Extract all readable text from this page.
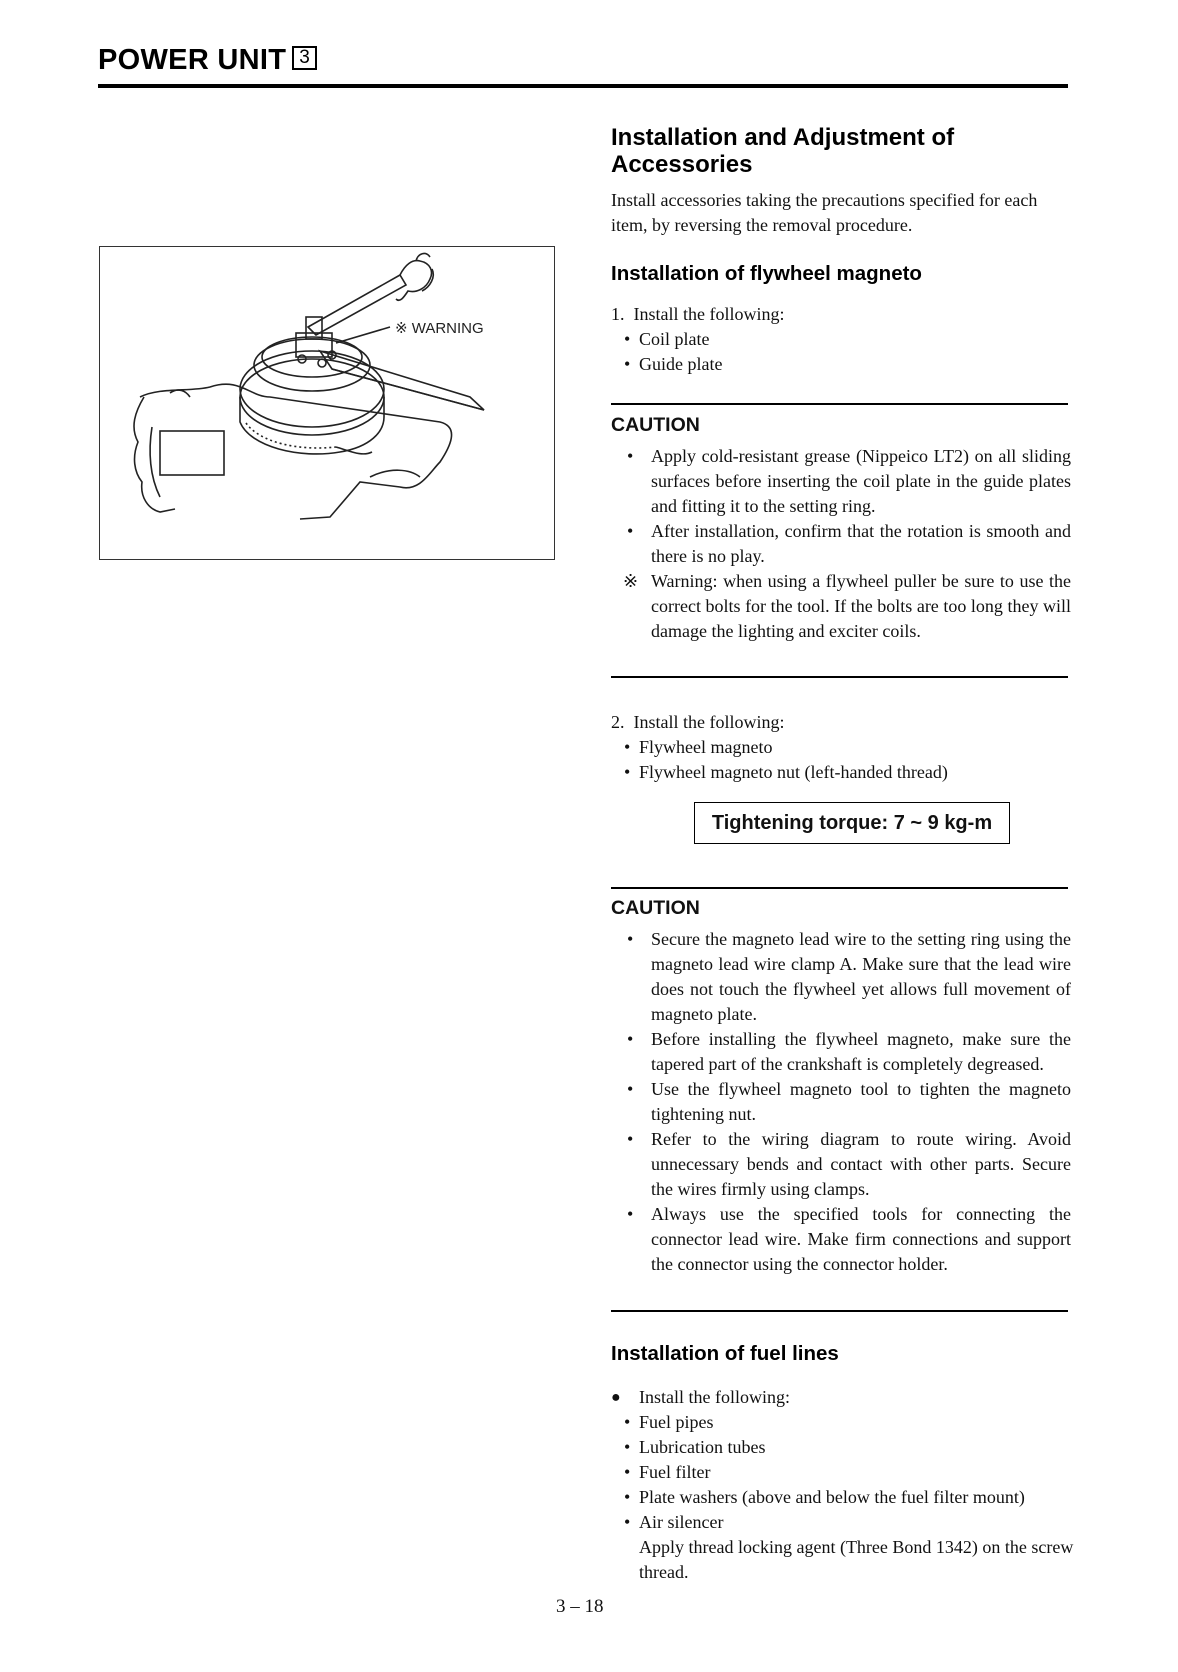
POWER UNIT 3
※ WARNING
Installation and Adjustment of Accessories
Install accessories taking the precautions specified for each item, by reversing the removal procedure.
Installation of flywheel magneto
1. Install the following:
• Coil plate
• Guide plate
CAUTION
• Apply cold-resistant grease (Nippeico LT2) on all sliding surfaces before inserting the coil plate in the guide plates and fitting it to the setting ring.
• After installation, confirm that the rotation is smooth and there is no play.
※ Warning: when using a flywheel puller be sure to use the correct bolts for the tool. If the bolts are too long they will damage the lighting and exciter coils.
2. Install the following:
• Flywheel magneto
• Flywheel magneto nut (left-handed thread)
Tightening torque: 7 ~ 9 kg-m
CAUTION
• Secure the magneto lead wire to the setting ring using the magneto lead wire clamp A. Make sure that the lead wire does not touch the flywheel yet allows full movement of magneto plate.
• Before installing the flywheel magneto, make sure the tapered part of the crankshaft is completely degreased.
• Use the flywheel magneto tool to tighten the magneto tightening nut.
• Refer to the wiring diagram to route wiring. Avoid unnecessary bends and contact with other parts. Secure the wires firmly using clamps.
• Always use the specified tools for connecting the connector lead wire. Make firm connections and support the connector using the connector holder.
Installation of fuel lines
● Install the following:
• Fuel pipes
• Lubrication tubes
• Fuel filter
• Plate washers (above and below the fuel filter mount)
• Air silencer
Apply thread locking agent (Three Bond 1342) on the screw thread.
3 – 18
